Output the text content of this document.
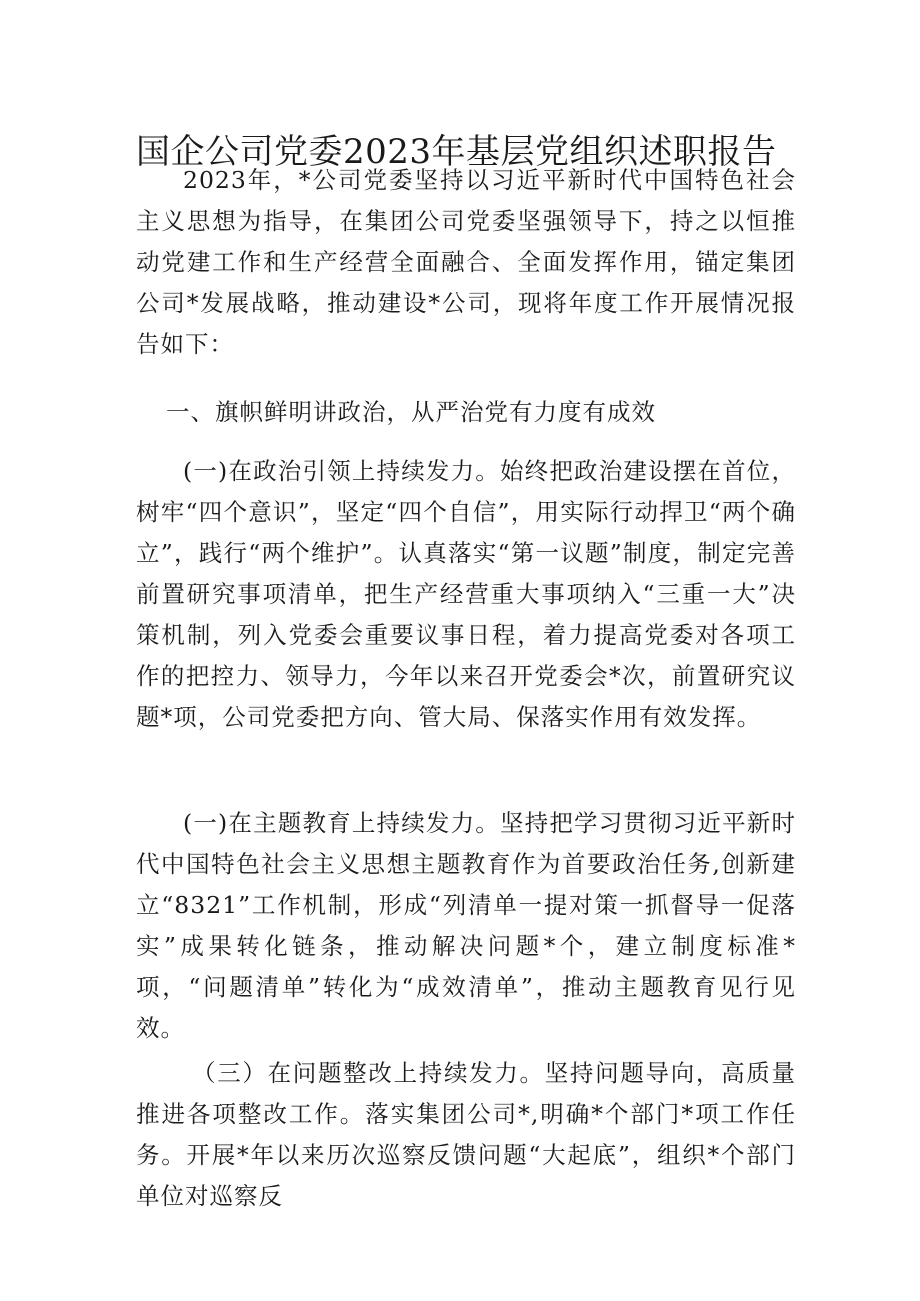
国企公司党委2023年基层党组织述职报告

2023年，*公司党委坚持以习近平新时代中国特色社会主义思想为指导，在集团公司党委坚强领导下，持之以恒推动党建工作和生产经营全面融合、全面发挥作用，锚定集团公司*发展战略，推动建设*公司，现将年度工作开展情况报告如下：

一、旗帜鲜明讲政治，从严治党有力度有成效

(一)在政治引领上持续发力。始终把政治建设摆在首位，树牢“四个意识”，坚定“四个自信”，用实际行动捍卫“两个确立”，践行“两个维护”。认真落实“第一议题”制度，制定完善前置研究事项清单，把生产经营重大事项纳入“三重一大”决策机制，列入党委会重要议事日程，着力提高党委对各项工作的把控力、领导力，今年以来召开党委会*次，前置研究议题*项，公司党委把方向、管大局、保落实作用有效发挥。

(一)在主题教育上持续发力。坚持把学习贯彻习近平新时代中国特色社会主义思想主题教育作为首要政治任务,创新建立“8321”工作机制，形成“列清单一提对策一抓督导一促落实”成果转化链条，推动解决问题*个，建立制度标准*项，“问题清单”转化为“成效清单”，推动主题教育见行见效。

（三）在问题整改上持续发力。坚持问题导向，高质量推进各项整改工作。落实集团公司*,明确*个部门*项工作任务。开展*年以来历次巡察反馈问题“大起底”，组织*个部门单位对巡察反
